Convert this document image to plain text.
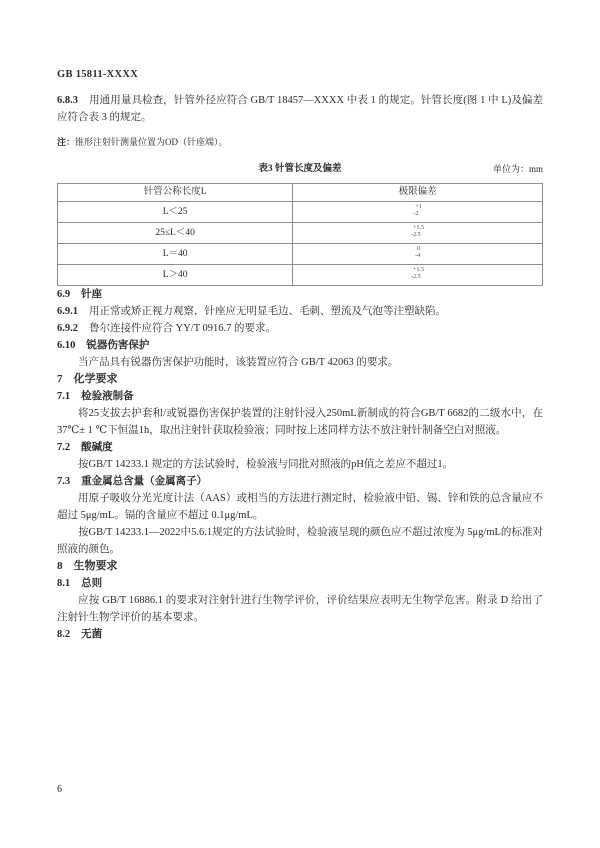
GB 15811-XXXX

6.8.3 用通用量具检查，针管外径应符合 GB/T 18457—XXXX 中表 1 的规定。针管长度(图 1 中 L)及偏差应符合表 3 的规定。

注：锥形注射针测量位置为OD（针座端）。
表3 针管长度及偏差	单位为：mm
针管公称长度L	极限偏差
L＜25	+1
-2

25≤L＜40	+1.5
-2.5

L＝40	0
-4

L＞40	+1.5
-2.5
6.9 针座

6.9.1 用正常或矫正视力观察，针座应无明显毛边、毛刺、塑流及气泡等注塑缺陷。

6.9.2 鲁尔连接件应符合 YY/T 0916.7 的要求。

6.10 锐器伤害保护

当产品具有锐器伤害保护功能时，该装置应符合 GB/T 42063 的要求。

7 化学要求
7.1 检验液制备

将25支拔去护套和/或锐器伤害保护装置的注射针浸入250mL新制成的符合GB/T 6682的二级水中，在37℃± 1 ℃下恒温1h，取出注射针获取检验液；同时按上述同样方法不放注射针制备空白对照液。

7.2 酸碱度

按GB/T 14233.1 规定的方法试验时，检验液与同批对照液的pH值之差应不超过1。

7.3 重金属总含量（金属离子）

用原子吸收分光光度计法（AAS）或相当的方法进行测定时，检验液中铅、锡、锌和铁的总含量应不超过 5μg/mL。镉的含量应不超过 0.1μg/mL。

按GB/T 14233.1—2022中5.6.1规定的方法试验时，检验液呈现的颜色应不超过浓度为 5μg/mL的标准对照液的颜色。

8 生物要求
8.1 总则

应按 GB/T 16886.1 的要求对注射针进行生物学评价，评价结果应表明无生物学危害。附录 D 给出了注射针生物学评价的基本要求。

8.2 无菌
6
